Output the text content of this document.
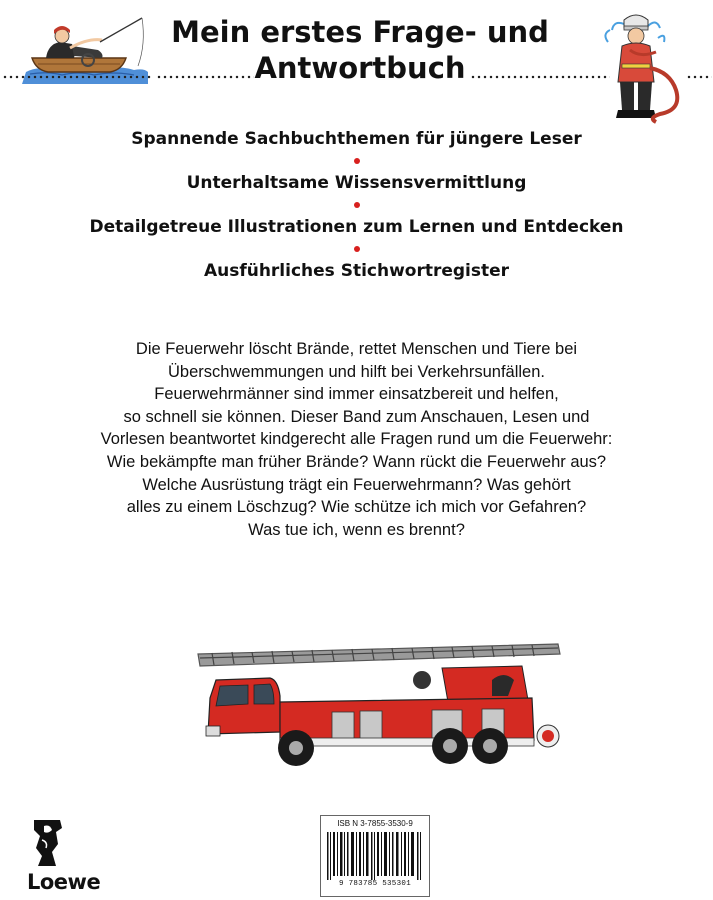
Mein erstes Frage- und
Antwortbuch
Spannende Sachbuchthemen für jüngere Leser
Unterhaltsame Wissensvermittlung
Detailgetreue Illustrationen zum Lernen und Entdecken
Ausführliches Stichwortregister
Die Feuerwehr löscht Brände, rettet Menschen und Tiere bei
Überschwemmungen und hilft bei Verkehrsunfällen.
Feuerwehrmänner sind immer einsatzbereit und helfen,
so schnell sie können. Dieser Band zum Anschauen, Lesen und
Vorlesen beantwortet kindgerecht alle Fragen rund um die Feuerwehr:
Wie bekämpfte man früher Brände? Wann rückt die Feuerwehr aus?
Welche Ausrüstung trägt ein Feuerwehrmann? Was gehört
alles zu einem Löschzug? Wie schütze ich mich vor Gefahren?
Was tue ich, wenn es brennt?
ISB N 3-7855-3530-9
9 783785 535301
Loewe
